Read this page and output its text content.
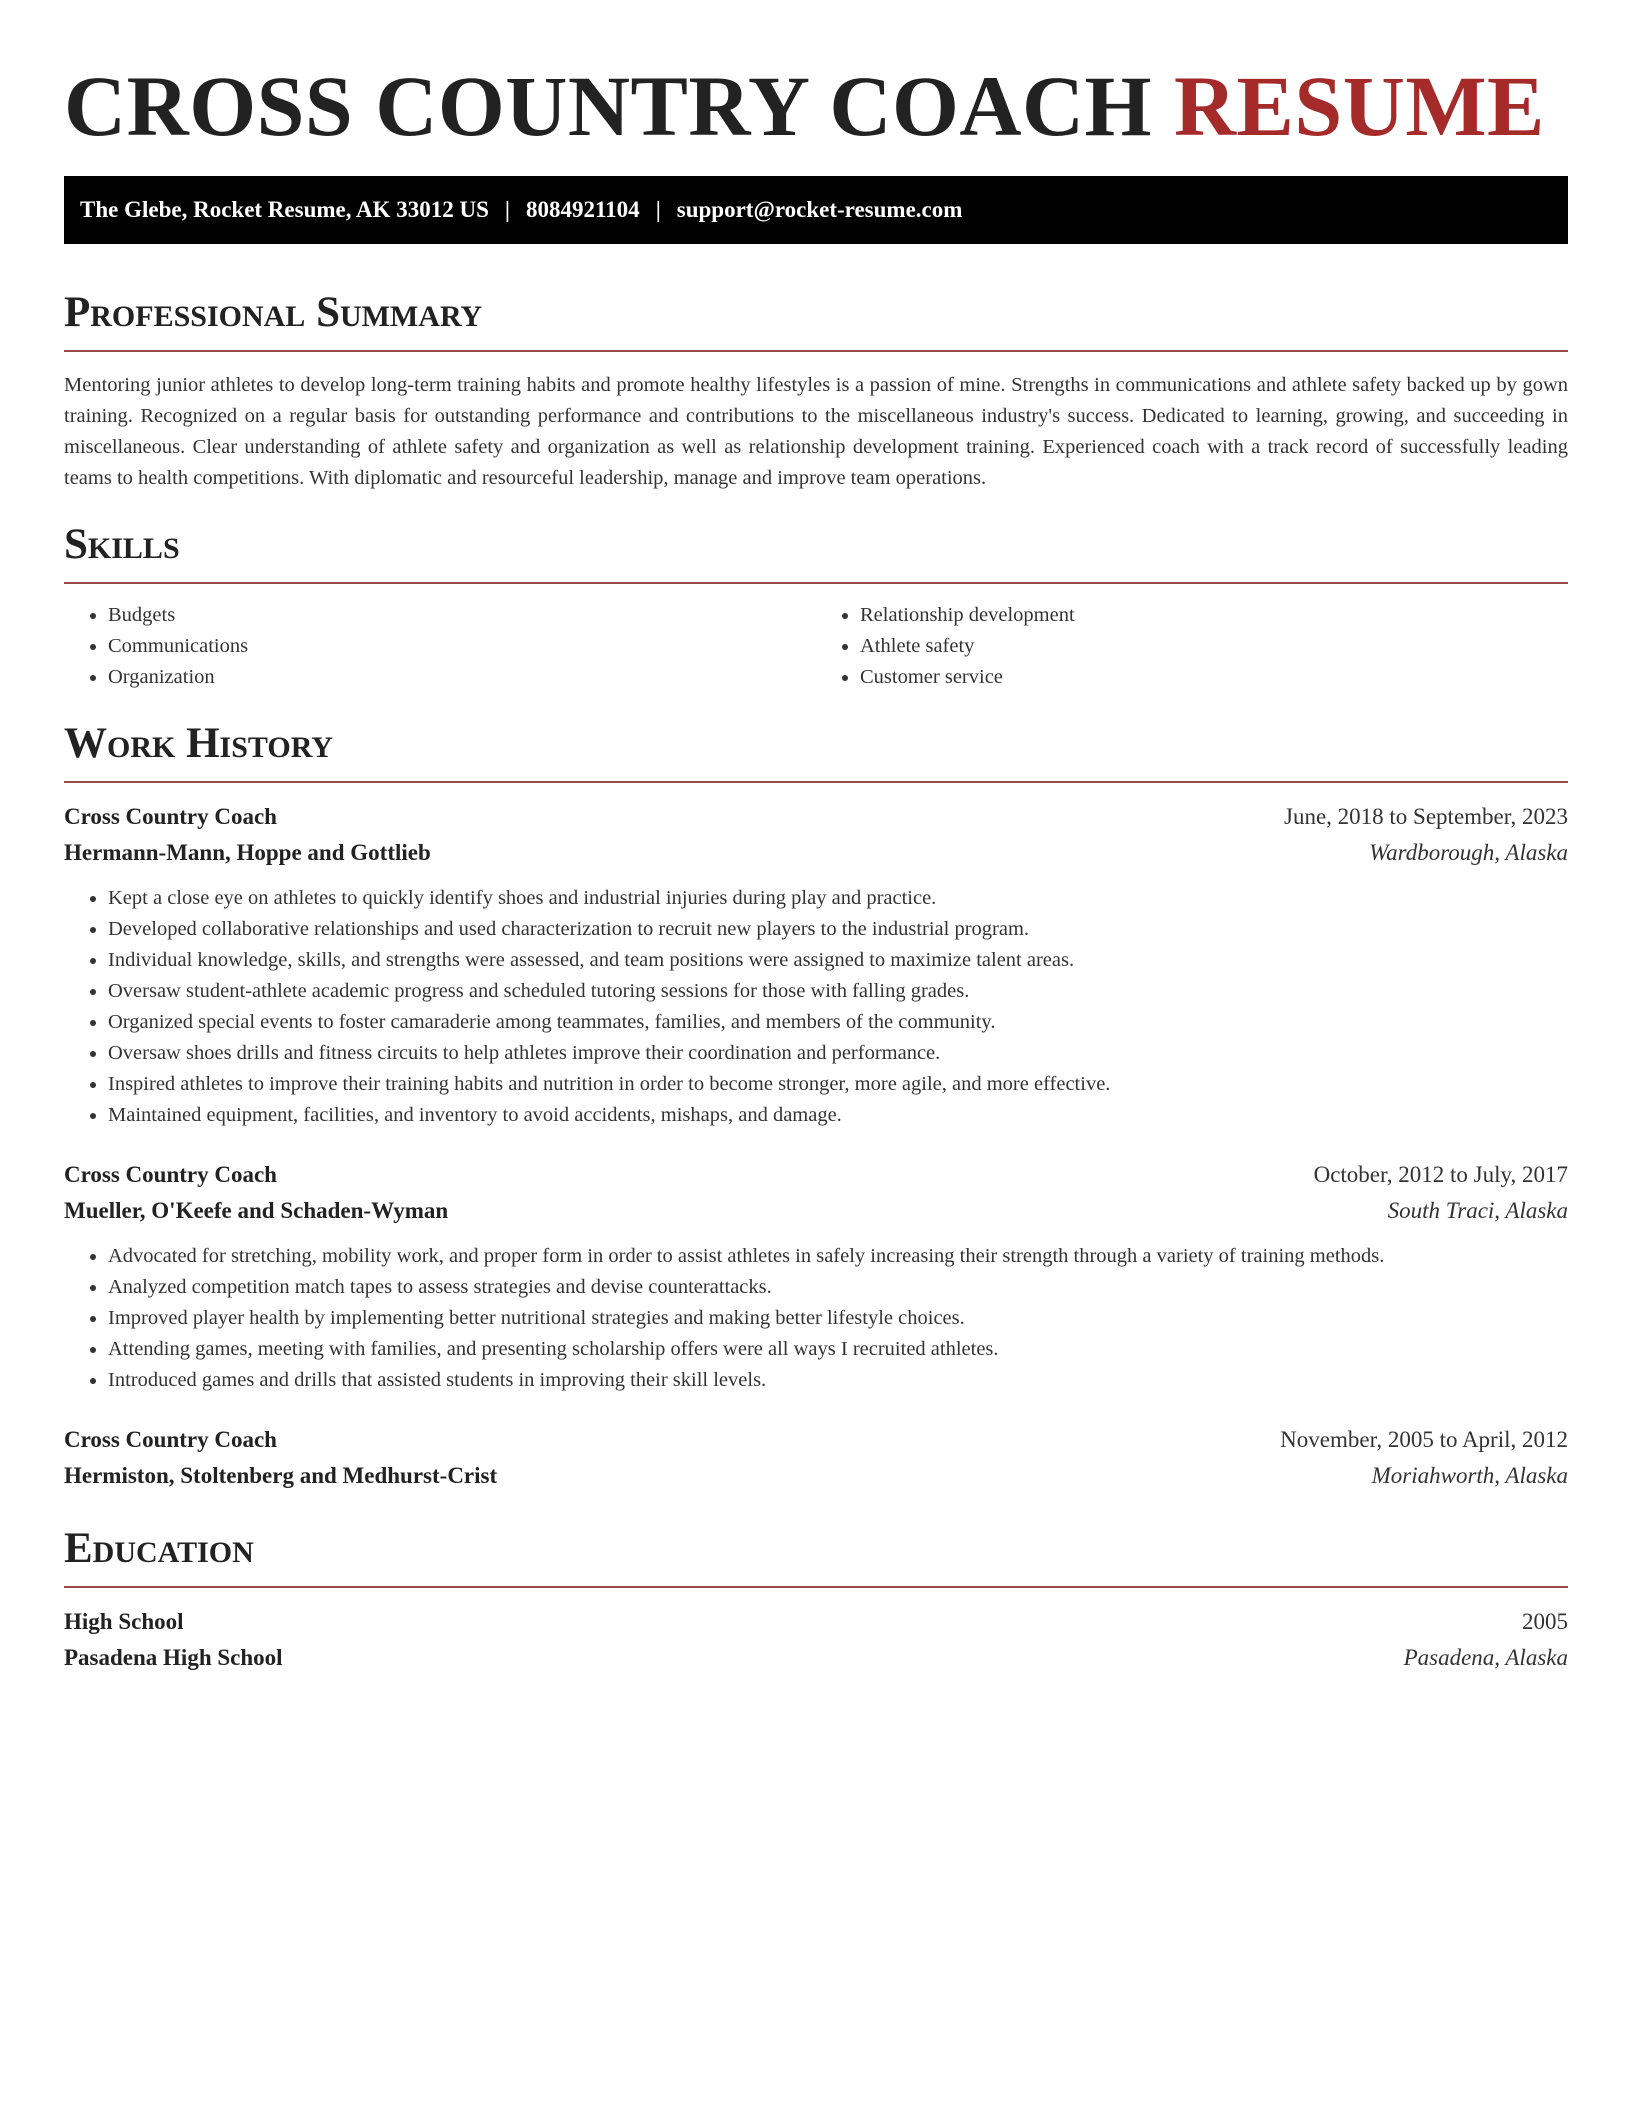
CROSS COUNTRY COACH RESUME
The Glebe, Rocket Resume, AK 33012 US | 8084921104 | support@rocket-resume.com
Professional Summary

Mentoring junior athletes to develop long-term training habits and promote healthy lifestyles is a passion of mine. Strengths in communications and athlete safety backed up by gown training. Recognized on a regular basis for outstanding performance and contributions to the miscellaneous industry's success. Dedicated to learning, growing, and succeeding in miscellaneous. Clear understanding of athlete safety and organization as well as relationship development training. Experienced coach with a track record of successfully leading teams to health competitions. With diplomatic and resourceful leadership, manage and improve team operations.

Skills
• Budgets
• Communications
• Organization
• Relationship development
• Athlete safety
• Customer service
Work History
Cross Country Coach	June, 2018 to September, 2023
Hermann-Mann, Hoppe and Gottlieb	Wardborough, Alaska
• Kept a close eye on athletes to quickly identify shoes and industrial injuries during play and practice.
• Developed collaborative relationships and used characterization to recruit new players to the industrial program.
• Individual knowledge, skills, and strengths were assessed, and team positions were assigned to maximize talent areas.
• Oversaw student-athlete academic progress and scheduled tutoring sessions for those with falling grades.
• Organized special events to foster camaraderie among teammates, families, and members of the community.
• Oversaw shoes drills and fitness circuits to help athletes improve their coordination and performance.
• Inspired athletes to improve their training habits and nutrition in order to become stronger, more agile, and more effective.
• Maintained equipment, facilities, and inventory to avoid accidents, mishaps, and damage.
Cross Country Coach	October, 2012 to July, 2017
Mueller, O'Keefe and Schaden-Wyman	South Traci, Alaska
• Advocated for stretching, mobility work, and proper form in order to assist athletes in safely increasing their strength through a variety of training methods.
• Analyzed competition match tapes to assess strategies and devise counterattacks.
• Improved player health by implementing better nutritional strategies and making better lifestyle choices.
• Attending games, meeting with families, and presenting scholarship offers were all ways I recruited athletes.
• Introduced games and drills that assisted students in improving their skill levels.
Cross Country Coach	November, 2005 to April, 2012
Hermiston, Stoltenberg and Medhurst-Crist	Moriahworth, Alaska
Education
High School	2005
Pasadena High School	Pasadena, Alaska
